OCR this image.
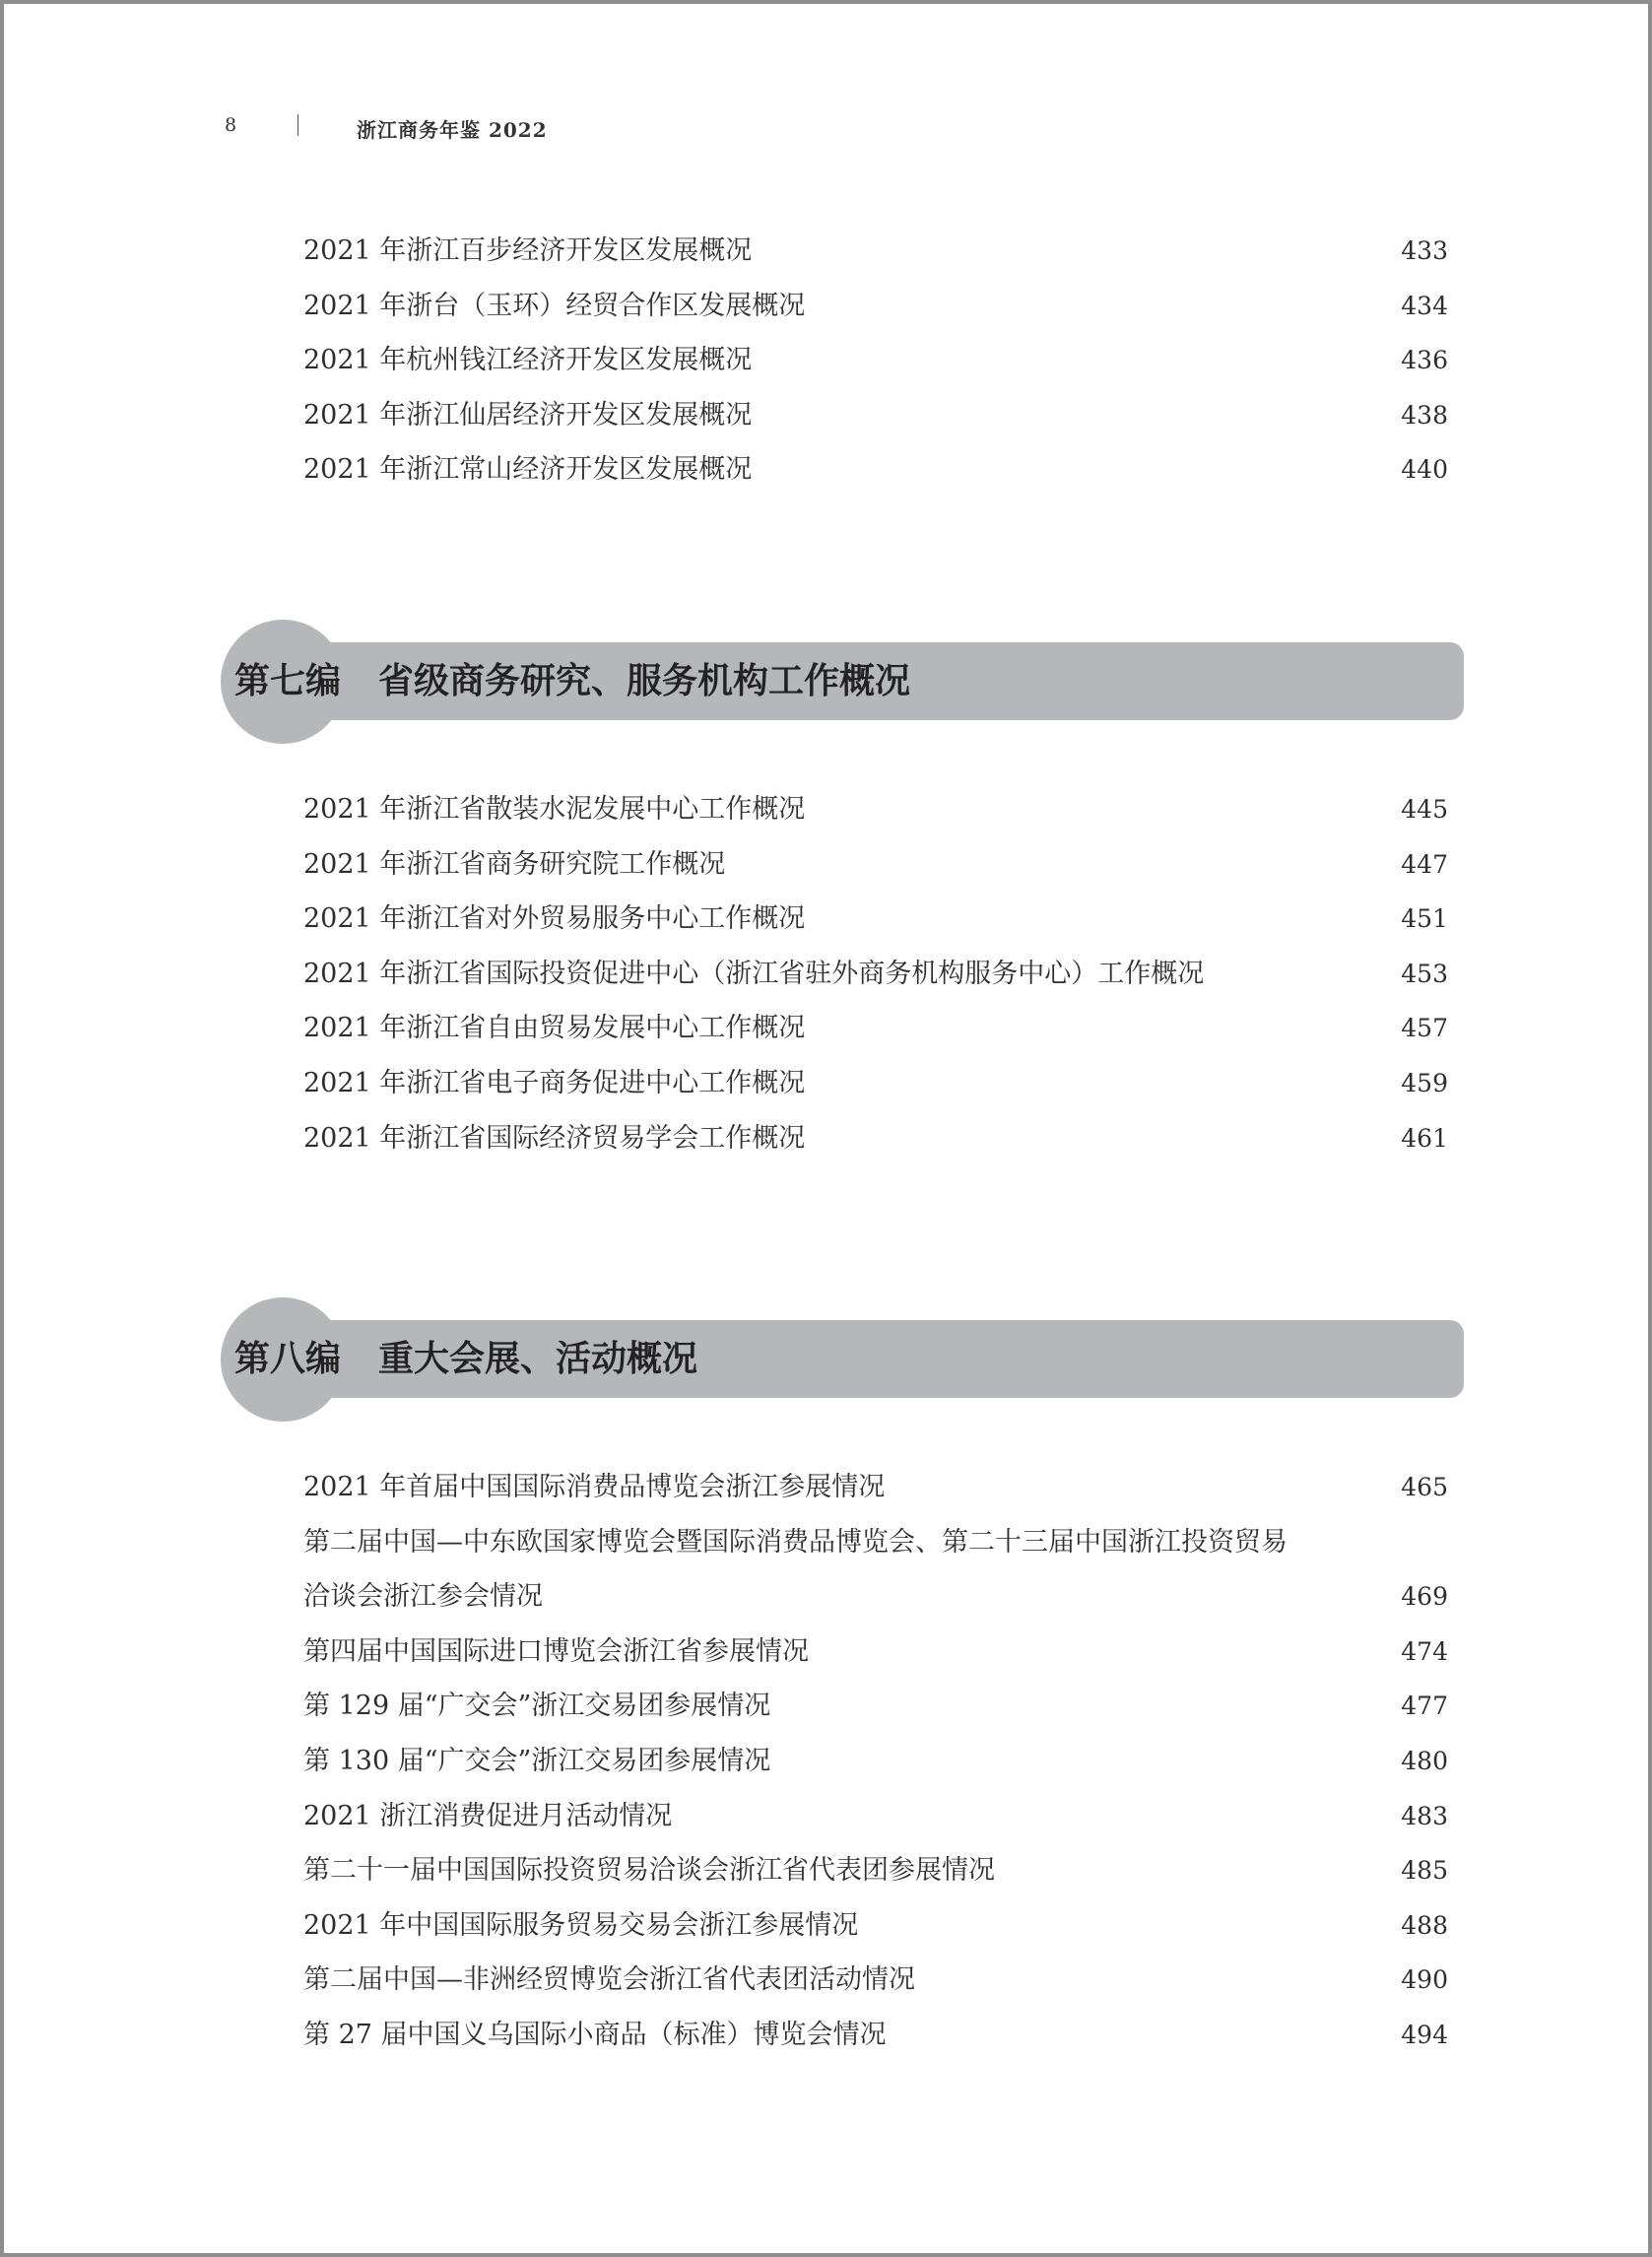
8	浙江商务年鉴 2022
2021 年浙江百步经济开发区发展概况	433
2021 年浙台（玉环）经贸合作区发展概况	434
2021 年杭州钱江经济开发区发展概况	436
2021 年浙江仙居经济开发区发展概况	438
2021 年浙江常山经济开发区发展概况	440
第七编 省级商务研究、服务机构工作概况
2021 年浙江省散装水泥发展中心工作概况	445
2021 年浙江省商务研究院工作概况	447
2021 年浙江省对外贸易服务中心工作概况	451
2021 年浙江省国际投资促进中心（浙江省驻外商务机构服务中心）工作概况	453
2021 年浙江省自由贸易发展中心工作概况	457
2021 年浙江省电子商务促进中心工作概况	459
2021 年浙江省国际经济贸易学会工作概况	461
第八编 重大会展、活动概况
2021 年首届中国国际消费品博览会浙江参展情况	465
第二届中国—中东欧国家博览会暨国际消费品博览会、第二十三届中国浙江投资贸易
洽谈会浙江参会情况	469
第四届中国国际进口博览会浙江省参展情况	474
第 129 届“广交会”浙江交易团参展情况	477
第 130 届“广交会”浙江交易团参展情况	480
2021 浙江消费促进月活动情况	483
第二十一届中国国际投资贸易洽谈会浙江省代表团参展情况	485
2021 年中国国际服务贸易交易会浙江参展情况	488
第二届中国—非洲经贸博览会浙江省代表团活动情况	490
第 27 届中国义乌国际小商品（标准）博览会情况	494
